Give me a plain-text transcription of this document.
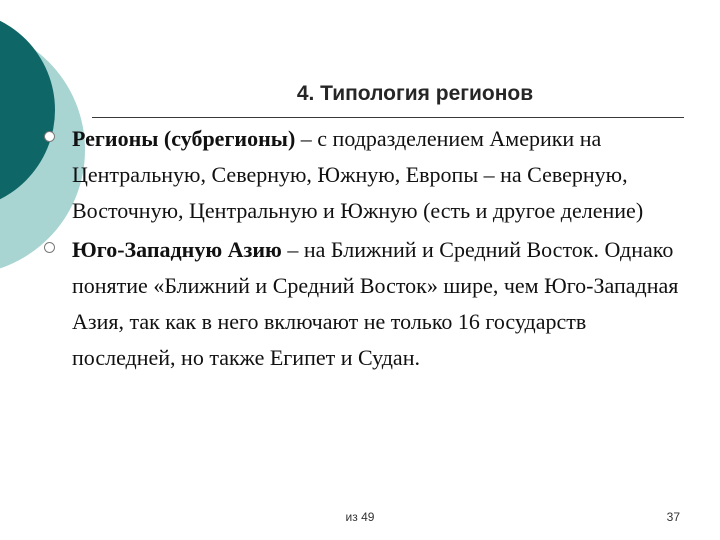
4. Типология регионов
Регионы (субрегионы) – с подразделением Америки на Центральную, Северную, Южную, Европы – на Северную, Восточную, Центральную и Южную (есть и другое деление)
Юго-Западную Азию – на Ближний и Средний Восток. Однако понятие «Ближний и Средний Восток» шире, чем Юго-Западная Азия, так как в него включают не только 16 государств последней, но также Египет и Судан.
из 49	37
